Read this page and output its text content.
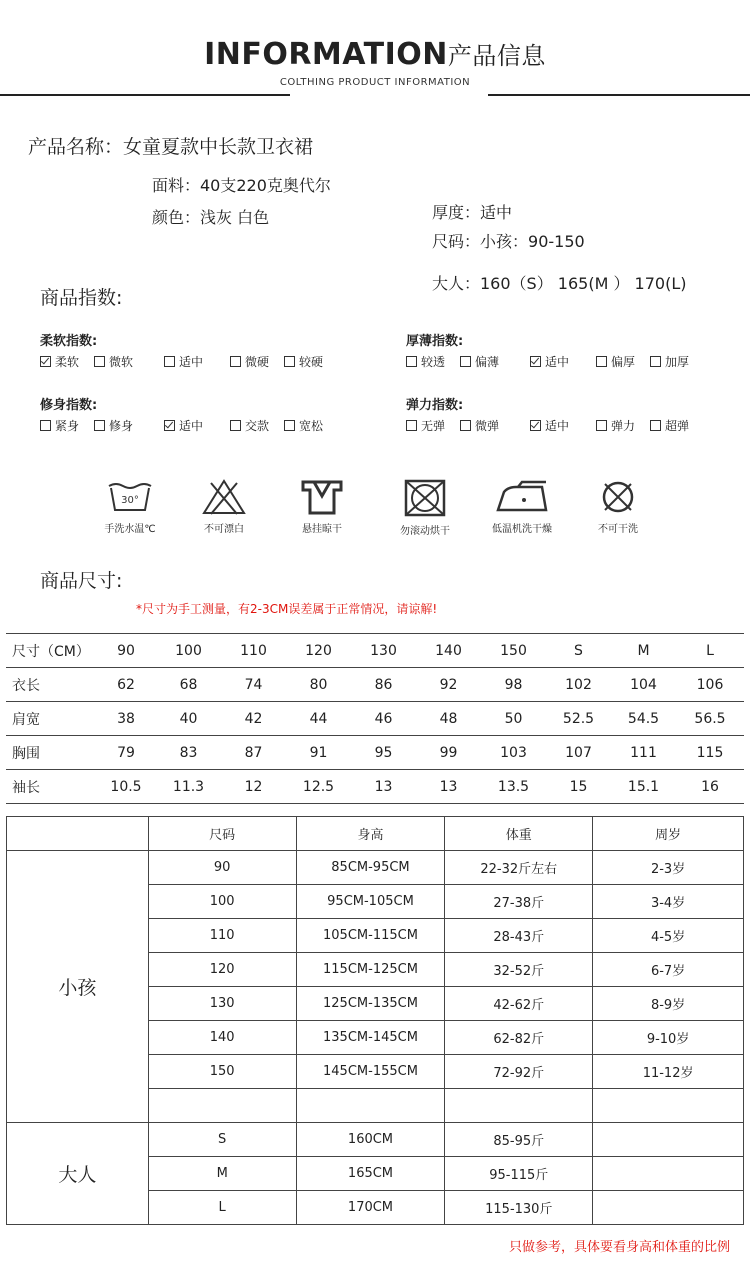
INFORMATION产品信息
COLTHING PRODUCT INFORMATION
产品名称：女童夏款中长款卫衣裙
面料：40支220克奥代尔
颜色：浅灰 白色	厚度：适中
尺码：小孩：90-150
大人：160（S） 165(M ） 170(L)
商品指数:
柔软指数:
柔软	微软	适中	微硬	较硬
厚薄指数:
较透	偏薄	适中	偏厚	加厚
修身指数:
紧身	修身	适中	交款	宽松
弹力指数:
无弹	微弹	适中	弹力	超弹
30°
手洗水温℃	不可漂白	悬挂晾干	勿滚动烘干	低温机洗干燥	不可干洗
商品尺寸:
*尺寸为手工测量，有2-3CM误差属于正常情况，请谅解!
尺寸（CM）	90	100	110	120	130	140	150	S	M	L
衣长	62	68	74	80	86	92	98	102	104	106
肩宽	38	40	42	44	46	48	50	52.5	54.5	56.5
胸围	79	83	87	91	95	99	103	107	111	115
袖长	10.5	11.3	12	12.5	13	13	13.5	15	15.1	16
	尺码	身高	体重	周岁
小孩	90	85CM-95CM	22-32斤左右	2-3岁
	100	95CM-105CM	27-38斤	3-4岁
	110	105CM-115CM	28-43斤	4-5岁
	120	115CM-125CM	32-52斤	6-7岁
	130	125CM-135CM	42-62斤	8-9岁
	140	135CM-145CM	62-82斤	9-10岁
	150	145CM-155CM	72-92斤	11-12岁

大人	S	160CM	85-95斤	
	M	165CM	95-115斤	
	L	170CM	115-130斤	
只做参考，具体要看身高和体重的比例
